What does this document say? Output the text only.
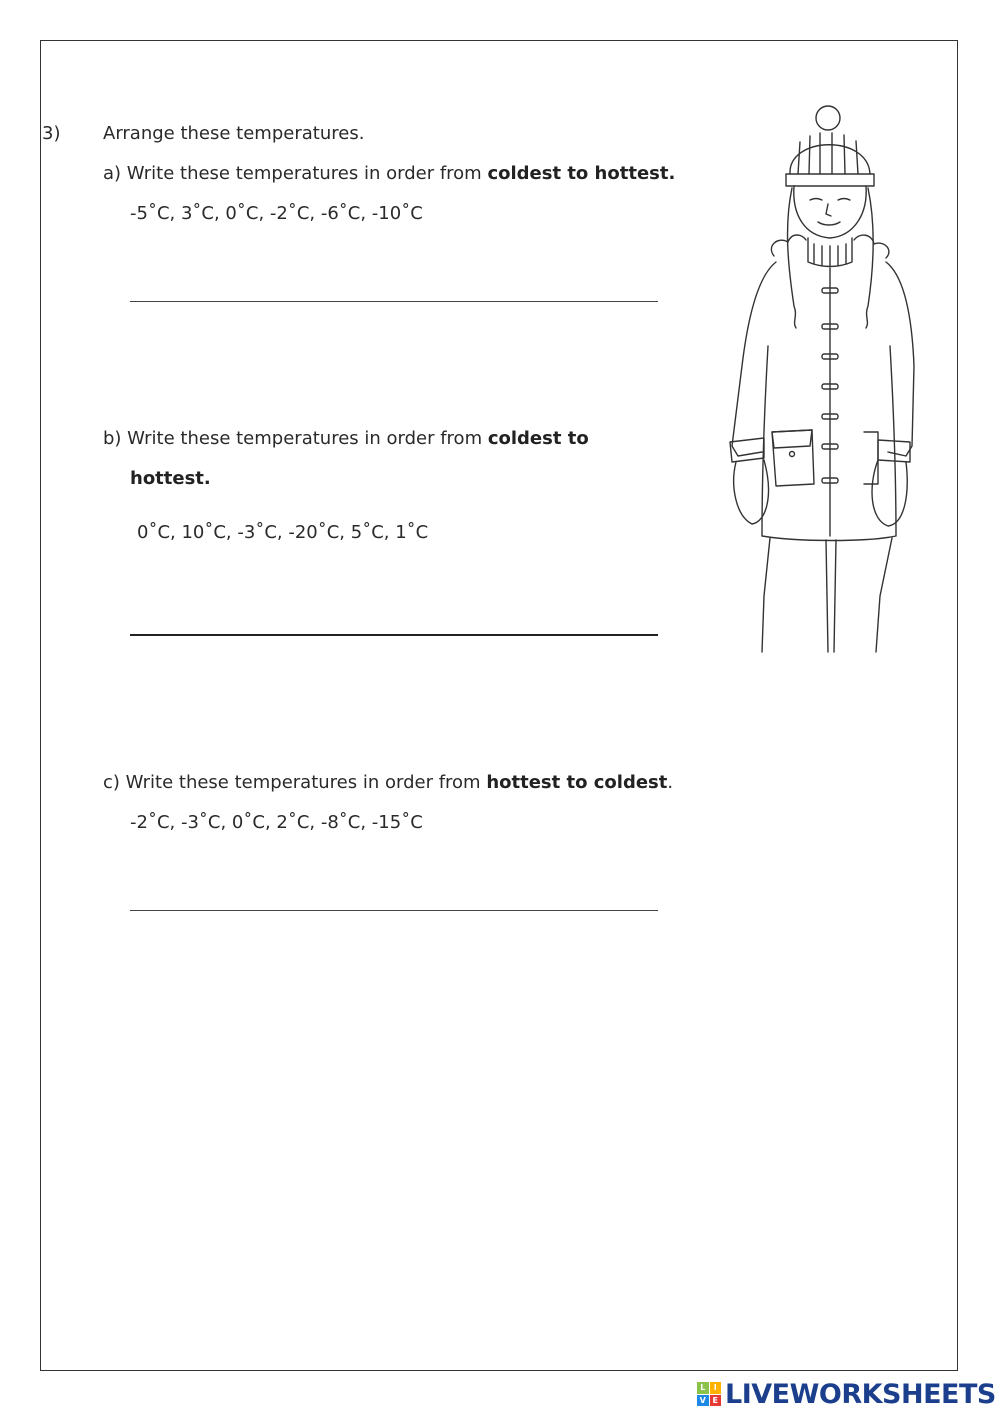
3) Arrange these temperatures.
a) Write these temperatures in order from coldest to hottest.
-5˚C, 3˚C, 0˚C, -2˚C, -6˚C, -10˚C
b) Write these temperatures in order from coldest to
hottest.
0˚C, 10˚C, -3˚C, -20˚C, 5˚C, 1˚C
c) Write these temperatures in order from hottest to coldest.
-2˚C, -3˚C, 0˚C, 2˚C, -8˚C, -15˚C
L	I
V E LIVEWORKSHEETS
